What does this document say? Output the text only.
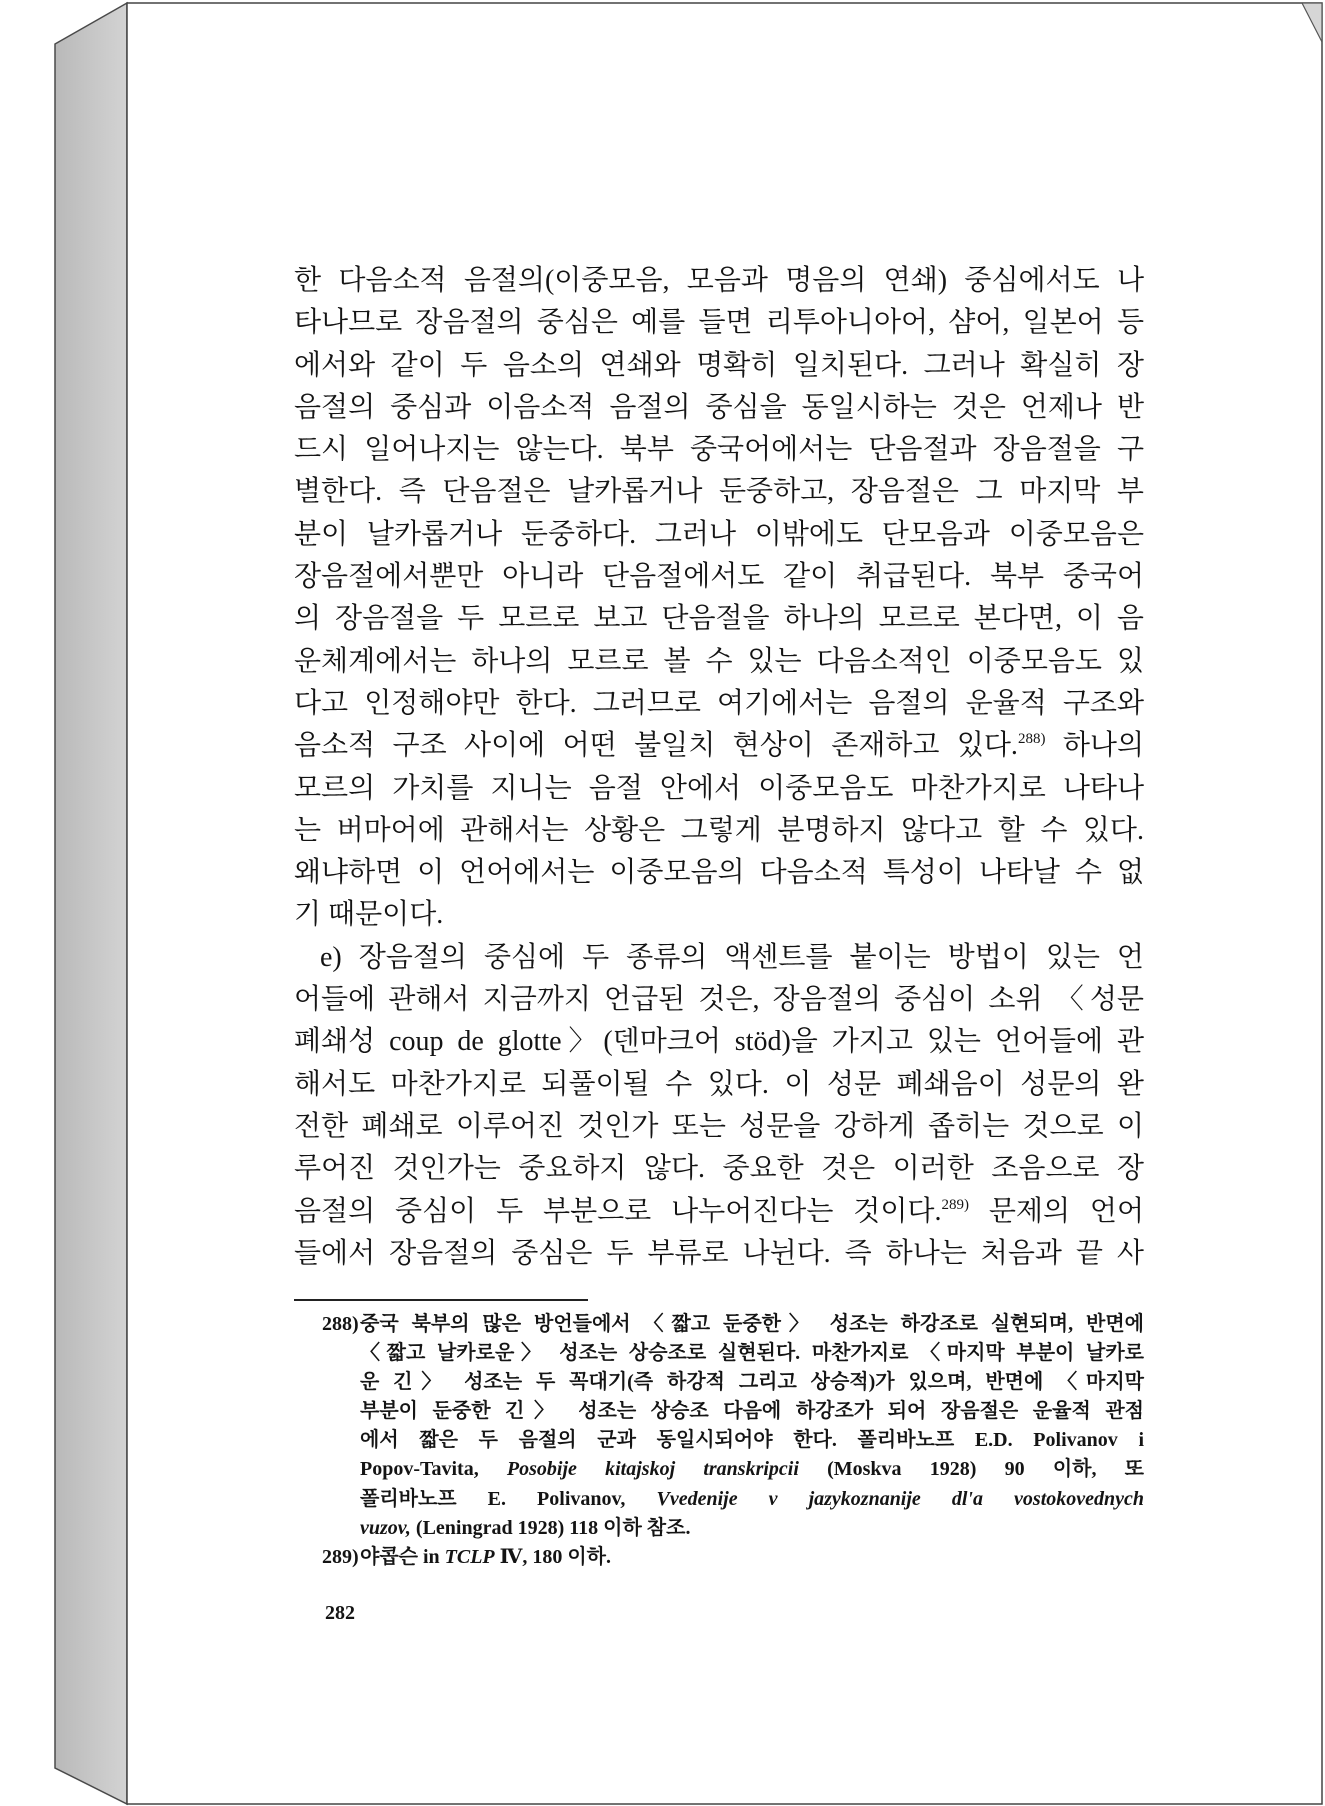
한 다음소적 음절의(이중모음, 모음과 명음의 연쇄) 중심에서도 나
타나므로 장음절의 중심은 예를 들면 리투아니아어, 샴어, 일본어 등
에서와 같이 두 음소의 연쇄와 명확히 일치된다. 그러나 확실히 장
음절의 중심과 이음소적 음절의 중심을 동일시하는 것은 언제나 반
드시 일어나지는 않는다. 북부 중국어에서는 단음절과 장음절을 구
별한다. 즉 단음절은 날카롭거나 둔중하고, 장음절은 그 마지막 부
분이 날카롭거나 둔중하다. 그러나 이밖에도 단모음과 이중모음은
장음절에서뿐만 아니라 단음절에서도 같이 취급된다. 북부 중국어
의 장음절을 두 모르로 보고 단음절을 하나의 모르로 본다면, 이 음
운체계에서는 하나의 모르로 볼 수 있는 다음소적인 이중모음도 있
다고 인정해야만 한다. 그러므로 여기에서는 음절의 운율적 구조와
음소적 구조 사이에 어떤 불일치 현상이 존재하고 있다.$^{288)}$ 하나의
모르의 가치를 지니는 음절 안에서 이중모음도 마찬가지로 나타나
는 버마어에 관해서는 상황은 그렇게 분명하지 않다고 할 수 있다.
왜냐하면 이 언어에서는 이중모음의 다음소적 특성이 나타날 수 없
기 때문이다.
e) 장음절의 중심에 두 종류의 액센트를 붙이는 방법이 있는 언
어들에 관해서 지금까지 언급된 것은, 장음절의 중심이 소위 〈성문
폐쇄성 coup de glotte〉(덴마크어 stöd)을 가지고 있는 언어들에 관
해서도 마찬가지로 되풀이될 수 있다. 이 성문 폐쇄음이 성문의 완
전한 폐쇄로 이루어진 것인가 또는 성문을 강하게 좁히는 것으로 이
루어진 것인가는 중요하지 않다. 중요한 것은 이러한 조음으로 장
음절의 중심이 두 부분으로 나누어진다는 것이다.$^{289)}$ 문제의 언어
들에서 장음절의 중심은 두 부류로 나뉜다. 즉 하나는 처음과 끝 사
288) 중국 북부의 많은 방언들에서 〈짧고 둔중한〉 성조는 하강조로 실현되며, 반면에
〈짧고 날카로운〉 성조는 상승조로 실현된다. 마찬가지로 〈마지막 부분이 날카로
운 긴〉 성조는 두 꼭대기(즉 하강적 그리고 상승적)가 있으며, 반면에 〈마지막
부분이 둔중한 긴〉 성조는 상승조 다음에 하강조가 되어 장음절은 운율적 관점
에서 짧은 두 음절의 군과 동일시되어야 한다. 폴리바노프 E.D. Polivanov i
Popov-Tavita, Posobije kitajskoj transkripcii (Moskva 1928) 90 이하, 또
폴리바노프 E. Polivanov, Vvedenije v jazykoznanije dl'a vostokovednych
vuzov, (Leningrad 1928) 118 이하 참조.
289) 야콥슨 in TCLP Ⅳ, 180 이하.
282
